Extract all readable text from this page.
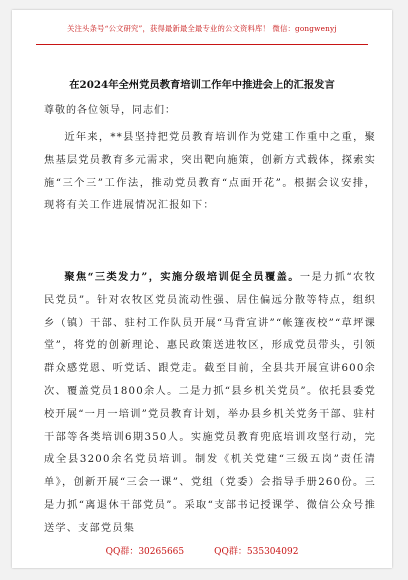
关注头条号“公文研究”，获得最新最全最专业的公文资料库！ 微信：gongwenyj
在2024年全州党员教育培训工作年中推进会上的汇报发言
尊敬的各位领导，同志们：

近年来，**县坚持把党员教育培训作为党建工作重中之重，聚焦基层党员教育多元需求，突出靶向施策，创新方式载体，探索实施“三个三”工作法，推动党员教育“点面开花”。根据会议安排，现将有关工作进展情况汇报如下：

聚焦“三类发力”，实施分级培训促全员覆盖。一是力抓“农牧民党员”。针对农牧区党员流动性强、居住偏远分散等特点，组织乡（镇）干部、驻村工作队员开展“马背宣讲”“帐篷夜校”“草坪课堂”，将党的创新理论、惠民政策送进牧区，形成党员带头，引领群众感党恩、听党话、跟党走。截至目前，全县共开展宣讲600余次、覆盖党员1800余人。二是力抓“县乡机关党员”。依托县委党校开展“一月一培训”党员教育计划，举办县乡机关党务干部、驻村干部等各类培训6期350人。实施党员教育兜底培训攻坚行动，完成全县3200余名党员培训。制发《机关党建“三级五岗”责任清单》，创新开展“三会一课”、党组（党委）会指导手册260份。三是力抓“离退休干部党员”。采取“支部书记授课学、微信公众号推送学、支部党员集

QQ群：30265665	QQ群：535304092
